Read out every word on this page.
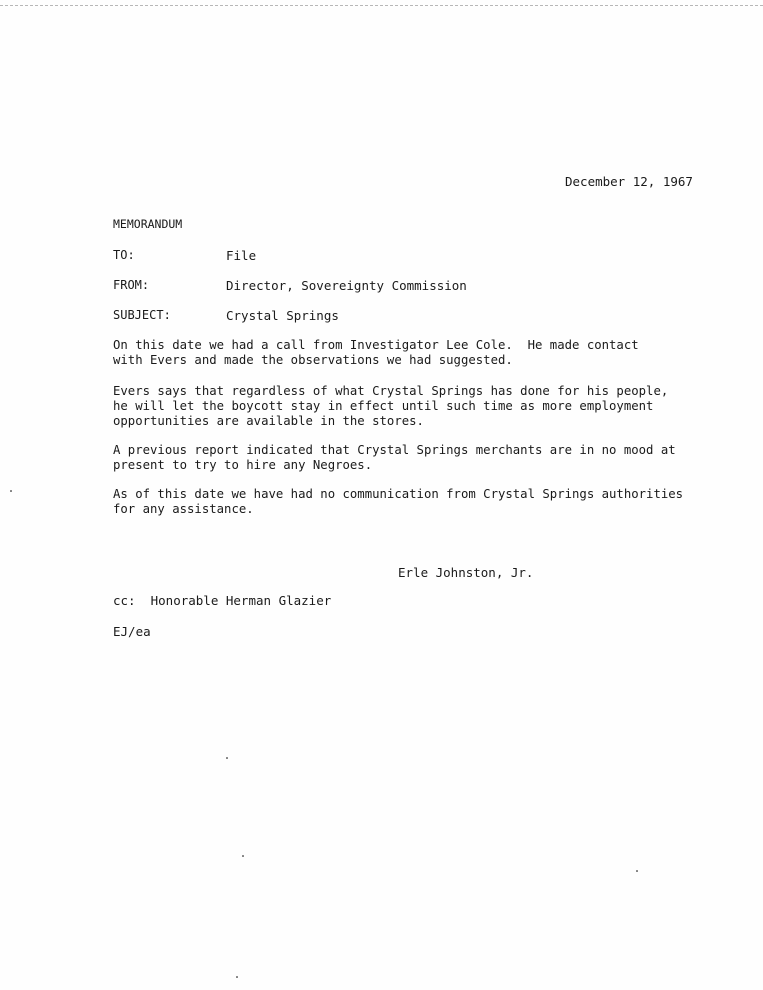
December 12, 1967
MEMORANDUM
TO:	File
FROM:	Director, Sovereignty Commission
SUBJECT:	Crystal Springs
On this date we had a call from Investigator Lee Cole.  He made contact
with Evers and made the observations we had suggested.
Evers says that regardless of what Crystal Springs has done for his people,
he will let the boycott stay in effect until such time as more employment
opportunities are available in the stores.
A previous report indicated that Crystal Springs merchants are in no mood at
present to try to hire any Negroes.
As of this date we have had no communication from Crystal Springs authorities
for any assistance.
Erle Johnston, Jr.
cc:  Honorable Herman Glazier
EJ/ea
